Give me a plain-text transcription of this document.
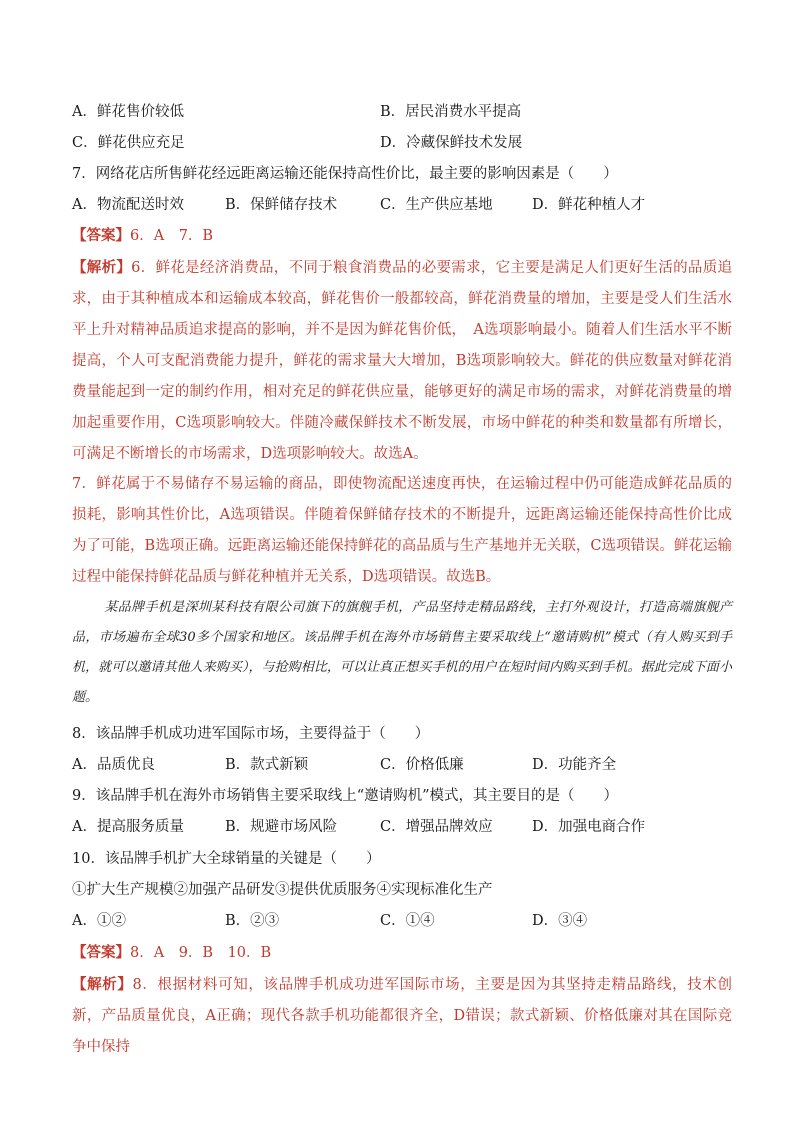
A．鲜花售价较低	B．居民消费水平提高
C．鲜花供应充足	D．冷藏保鲜技术发展
7．网络花店所售鲜花经远距离运输还能保持高性价比，最主要的影响因素是（　　）
A．物流配送时效	B．保鲜储存技术	C．生产供应基地	D．鲜花种植人才
【答案】6．A　7．B
【解析】6．鲜花是经济消费品，不同于粮食消费品的必要需求，它主要是满足人们更好生活的品质追求，由于其种植成本和运输成本较高，鲜花售价一般都较高，鲜花消费量的增加，主要是受人们生活水平上升对精神品质追求提高的影响，并不是因为鲜花售价低，　A选项影响最小。随着人们生活水平不断提高，个人可支配消费能力提升，鲜花的需求量大大增加，B选项影响较大。鲜花的供应数量对鲜花消费量能起到一定的制约作用，相对充足的鲜花供应量，能够更好的满足市场的需求，对鲜花消费量的增加起重要作用，C选项影响较大。伴随冷藏保鲜技术不断发展，市场中鲜花的种类和数量都有所增长，可满足不断增长的市场需求，D选项影响较大。故选A。
7．鲜花属于不易储存不易运输的商品，即使物流配送速度再快，在运输过程中仍可能造成鲜花品质的损耗，影响其性价比，A选项错误。伴随着保鲜储存技术的不断提升，远距离运输还能保持高性价比成为了可能，B选项正确。远距离运输还能保持鲜花的高品质与生产基地并无关联，C选项错误。鲜花运输过程中能保持鲜花品质与鲜花种植并无关系，D选项错误。故选B。
某品牌手机是深圳某科技有限公司旗下的旗舰手机，产品坚持走精品路线，主打外观设计，打造高端旗舰产品，市场遍布全球30多个国家和地区。该品牌手机在海外市场销售主要采取线上“邀请购机”模式（有人购买到手机，就可以邀请其他人来购买），与抢购相比，可以让真正想买手机的用户在短时间内购买到手机。据此完成下面小题。
8．该品牌手机成功进军国际市场，主要得益于（　　）
A．品质优良	B．款式新颖	C．价格低廉	D．功能齐全
9．该品牌手机在海外市场销售主要采取线上“邀请购机”模式，其主要目的是（　　）
A．提高服务质量	B．规避市场风险	C．增强品牌效应	D．加强电商合作
10．该品牌手机扩大全球销量的关键是（　　）
①扩大生产规模②加强产品研发③提供优质服务④实现标准化生产
A．①②	B．②③	C．①④	D．③④
【答案】8．A　9．B　10．B
【解析】8．根据材料可知，该品牌手机成功进军国际市场，主要是因为其坚持走精品路线，技术创新，产品质量优良，A正确；现代各款手机功能都很齐全，D错误；款式新颖、价格低廉对其在国际竞争中保持
